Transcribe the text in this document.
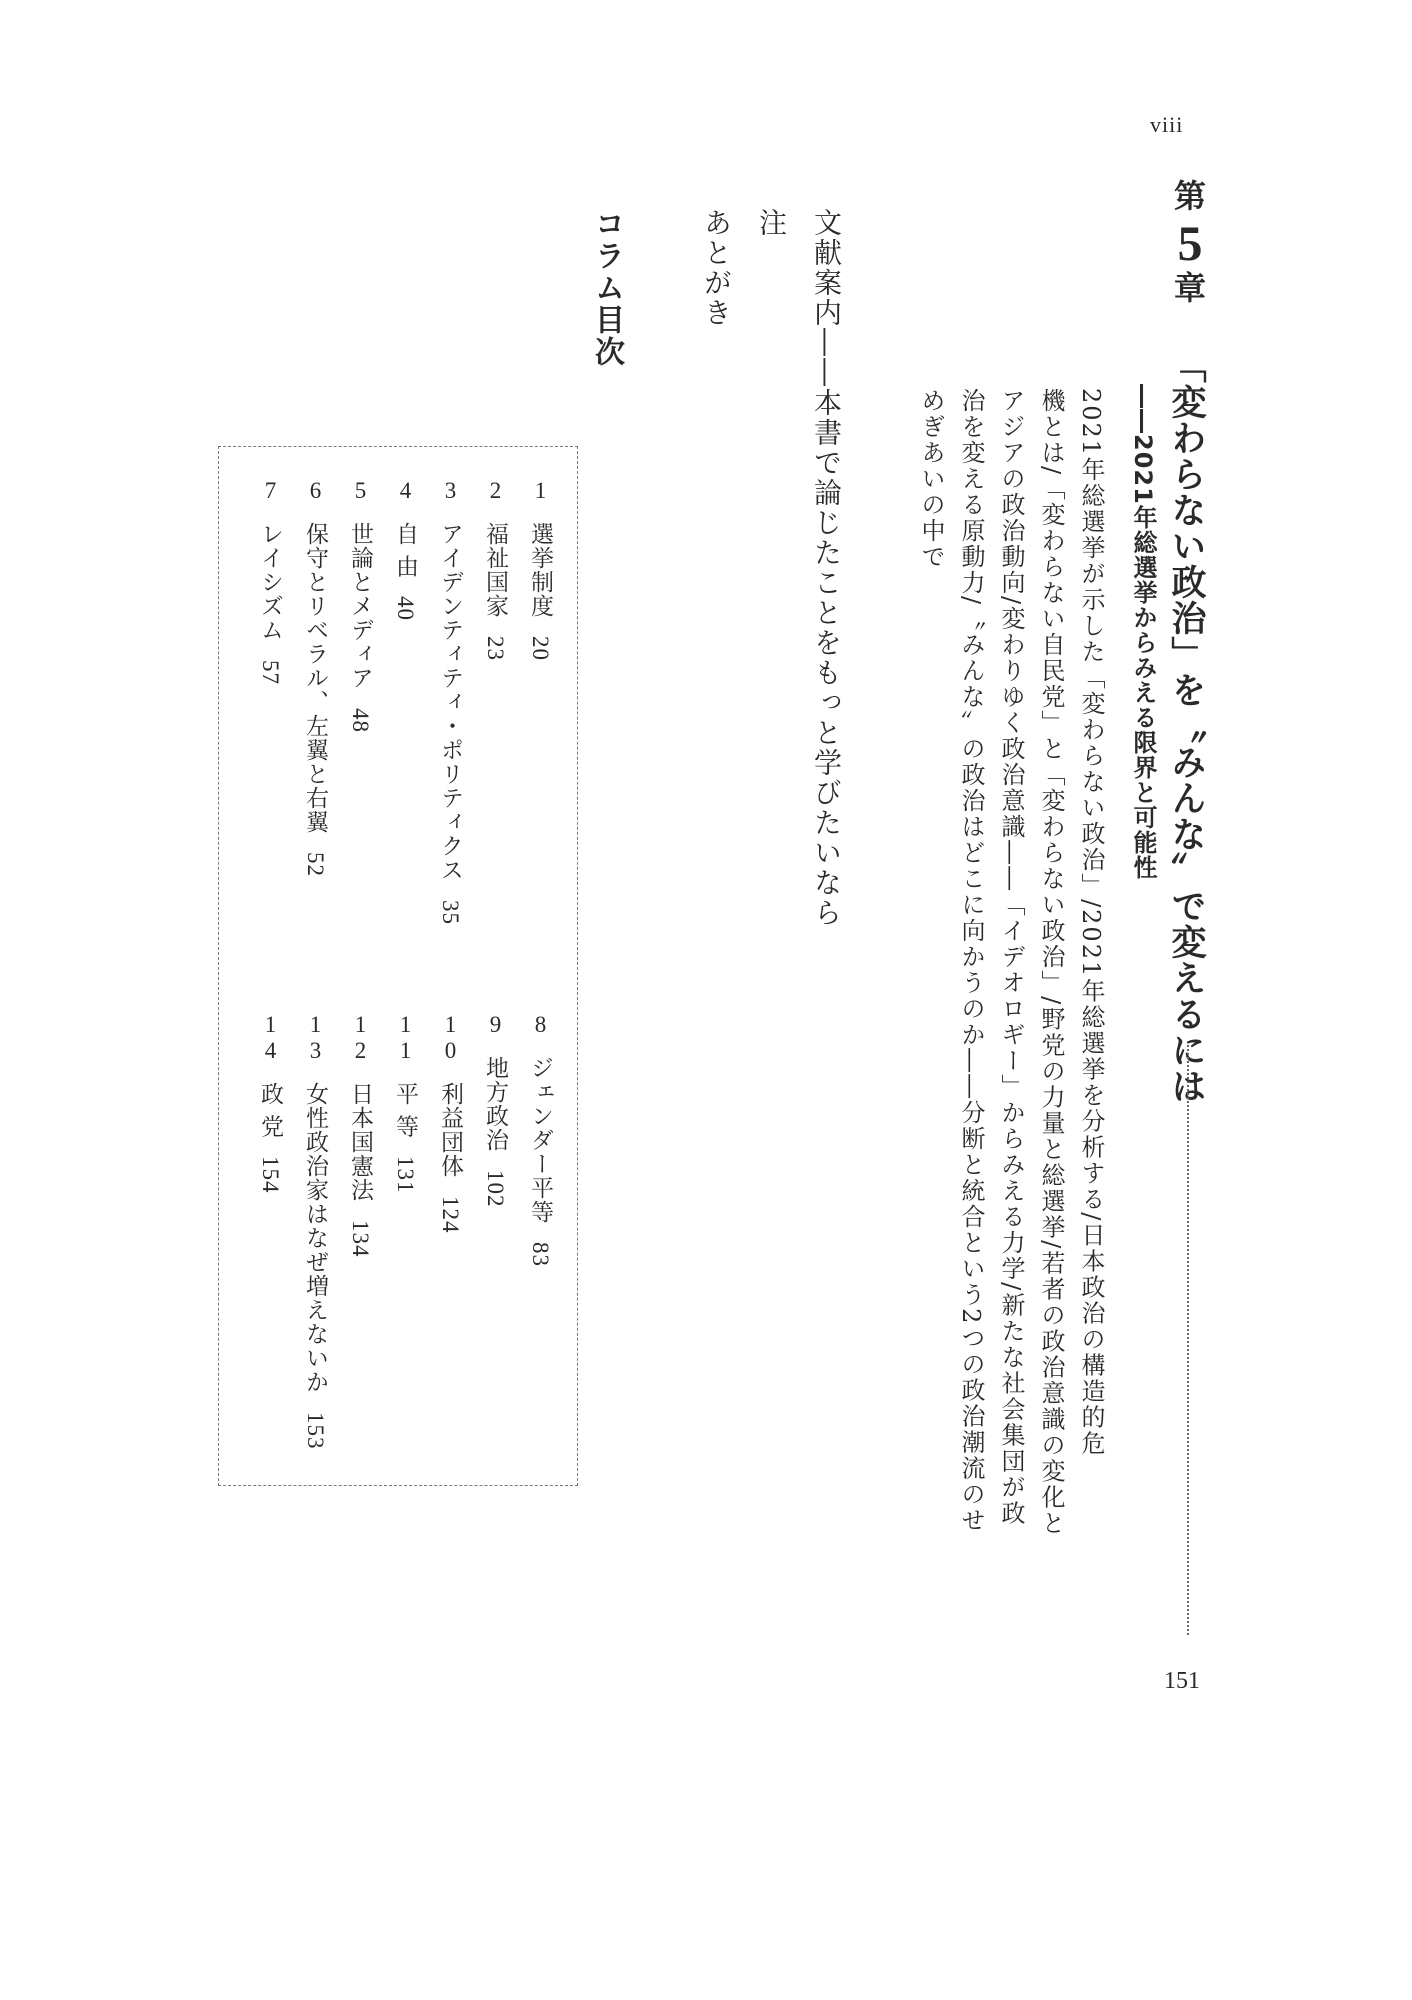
viii
第
5
章
「変わらない政治」を〝みんな〟で変えるには
――2021年総選挙からみえる限界と可能性
151
2021年総選挙が示した「変わらない政治」/2021年総選挙を分析する/日本政治の構造的危
機とは/「変わらない自民党」と「変わらない政治」/野党の力量と総選挙/若者の政治意識の変化と
アジアの政治動向/変わりゆく政治意識――「イデオロギー」からみえる力学/新たな社会集団が政
治を変える原動力/〝みんな〟の政治はどこに向かうのか――分断と統合という2つの政治潮流のせ
めぎあいの中で
文献案内――本書で論じたことをもっと学びたいなら
注
あとがき
コラム目次
1選挙制度20
2福祉国家23
3アイデンティティ・ポリティクス35
4自 由40
5世論とメディア48
6保守とリベラル、左翼と右翼52
7レイシズム57
8ジェンダー平等83
9地方政治102
10利益団体124
11平 等131
12日本国憲法134
13女性政治家はなぜ増えないか153
14政 党154
